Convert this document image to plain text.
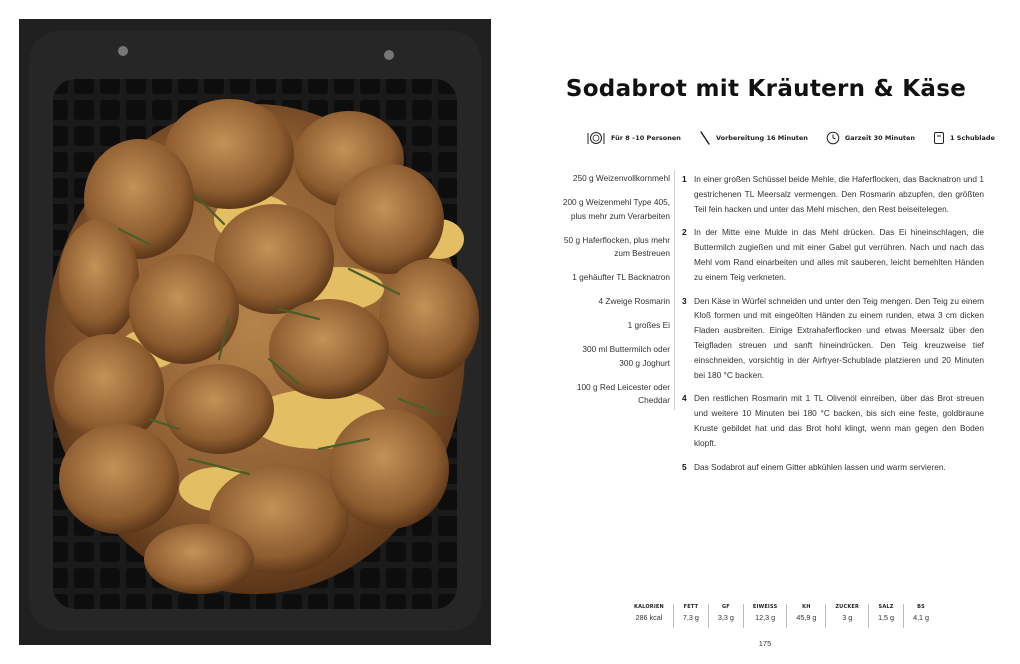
Sodabrot mit Kräutern & Käse
Für 8 –10 Personen	Vorbereitung 16 Minuten	Garzeit 30 Minuten	1 Schublade
250 g Weizenvollkornmehl
200 g Weizenmehl Type 405,
plus mehr zum Verarbeiten
50 g Haferflocken, plus mehr
zum Bestreuen
1 gehäufter TL Backnatron
4 Zweige Rosmarin
1 großes Ei
300 ml Buttermilch oder
300 g Joghurt
100 g Red Leicester oder
Cheddar
1 In einer großen Schüssel beide Mehle, die Haferflocken, das Backnatron und 1 gestrichenen TL Meersalz vermengen. Den Rosmarin abzupfen, den größten Teil fein hacken und unter das Mehl mischen, den Rest beiseitelegen.
2 In der Mitte eine Mulde in das Mehl drücken. Das Ei hineinschlagen, die Buttermilch zugießen und mit einer Gabel gut verrühren. Nach und nach das Mehl vom Rand einarbeiten und alles mit sauberen, leicht bemehlten Händen zu einem Teig verkneten.
3 Den Käse in Würfel schneiden und unter den Teig mengen. Den Teig zu einem Kloß formen und mit eingeölten Händen zu einem runden, etwa 3 cm dicken Fladen ausbreiten. Einige Extrahaferflocken und etwas Meersalz über den Teigfladen streuen und sanft hineindrücken. Den Teig kreuzweise tief einschneiden, vorsichtig in der Airfryer-Schublade platzieren und 20 Minuten bei 180 °C backen.
4 Den restlichen Rosmarin mit 1 TL Olivenöl einreiben, über das Brot streuen und weitere 10 Minuten bei 180 °C backen, bis sich eine feste, goldbraune Kruste gebildet hat und das Brot hohl klingt, wenn man gegen den Boden klopft.
5 Das Sodabrot auf einem Gitter abkühlen lassen und warm servieren.
KALORIEN
286 kcal
FETT
7,3 g
GF
3,3 g
EIWEISS
12,3 g
KH
45,9 g
ZUCKER
3 g
SALZ
1,5 g
BS
4,1 g
175
